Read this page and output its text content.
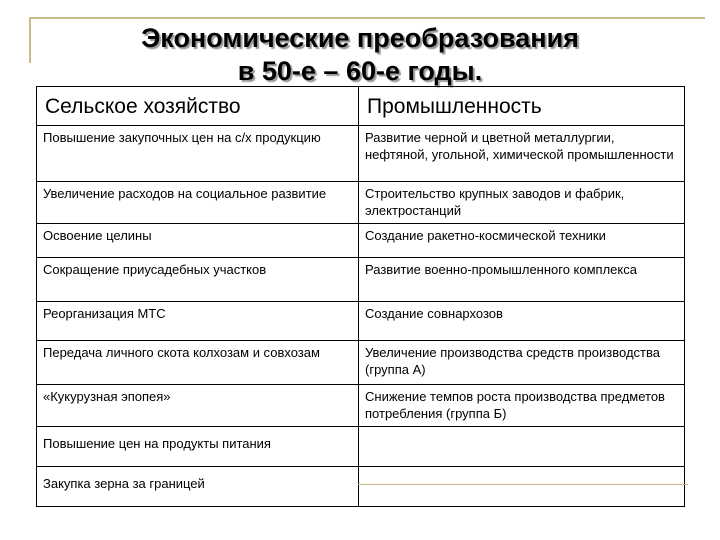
Экономические преобразования
в 50-е – 60-е годы.
Сельское хозяйство	Промышленность
Повышение закупочных цен на с/х продукцию	Развитие черной и цветной металлургии, нефтяной, угольной, химической промышленности
Увеличение расходов на социальное развитие	Строительство крупных заводов и фабрик, электростанций
Освоение целины	Создание ракетно-космической техники
Сокращение приусадебных участков	Развитие военно-промышленного комплекса
Реорганизация МТС	Создание совнархозов
Передача личного скота колхозам и совхозам	Увеличение производства средств производства (группа А)
«Кукурузная эпопея»	Снижение темпов роста производства предметов потребления (группа Б)
Повышение цен на продукты питания	
Закупка зерна за границей	
